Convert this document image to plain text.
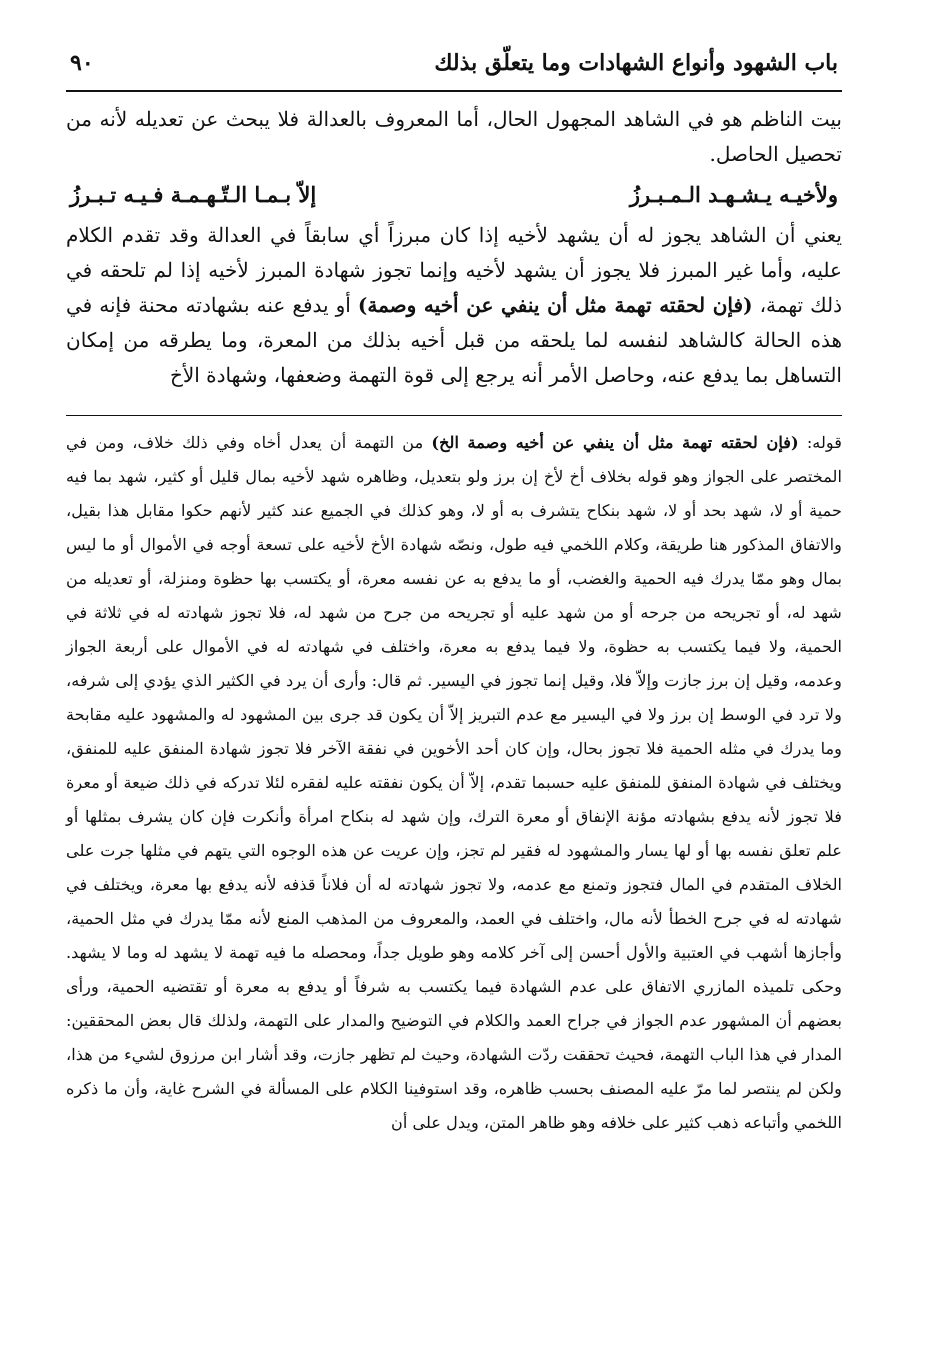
باب الشهود وأنواع الشهادات وما يتعلّق بذلك
٩٠

بيت الناظم هو في الشاهد المجهول الحال، أما المعروف بالعدالة فلا يبحث عن تعديله لأنه من تحصيل الحاصل.

ولأخيـه يـشـهـد الـمـبـرزُ
إلاّ بـمـا الـتّـهـمـة فـيـه تـبـرزُ

يعني أن الشاهد يجوز له أن يشهد لأخيه إذا كان مبرزاً أي سابقاً في العدالة وقد تقدم الكلام عليه، وأما غير المبرز فلا يجوز أن يشهد لأخيه وإنما تجوز شهادة المبرز لأخيه إذا لم تلحقه في ذلك تهمة، (فإن لحقته تهمة مثل أن ينفي عن أخيه وصمة) أو يدفع عنه بشهادته محنة فإنه في هذه الحالة كالشاهد لنفسه لما يلحقه من قبل أخيه بذلك من المعرة، وما يطرقه من إمكان التساهل بما يدفع عنه، وحاصل الأمر أنه يرجع إلى قوة التهمة وضعفها، وشهادة الأخ

قوله: (فإن لحقته تهمة مثل أن ينفي عن أخيه وصمة الخ) من التهمة أن يعدل أخاه وفي ذلك خلاف، ومن في المختصر على الجواز وهو قوله بخلاف أخ لأخ إن برز ولو بتعديل، وظاهره شهد لأخيه بمال قليل أو كثير، شهد بما فيه حمية أو لا، شهد بحد أو لا، شهد بنكاح يتشرف به أو لا، وهو كذلك في الجميع عند كثير لأنهم حكوا مقابل هذا بقيل، والاتفاق المذكور هنا طريقة، وكلام اللخمي فيه طول، ونصّه شهادة الأخ لأخيه على تسعة أوجه في الأموال أو ما ليس بمال وهو ممّا يدرك فيه الحمية والغضب، أو ما يدفع به عن نفسه معرة، أو يكتسب بها حظوة ومنزلة، أو تعديله من شهد له، أو تجريحه من جرحه أو من شهد عليه أو تجريحه من جرح من شهد له، فلا تجوز شهادته له في ثلاثة في الحمية، ولا فيما يكتسب به حظوة، ولا فيما يدفع به معرة، واختلف في شهادته له في الأموال على أربعة الجواز وعدمه، وقيل إن برز جازت وإلاّ فلا، وقيل إنما تجوز في اليسير. ثم قال: وأرى أن يرد في الكثير الذي يؤدي إلى شرفه، ولا ترد في الوسط إن برز ولا في اليسير مع عدم التبريز إلاّ أن يكون قد جرى بين المشهود له والمشهود عليه مقابحة وما يدرك في مثله الحمية فلا تجوز بحال، وإن كان أحد الأخوين في نفقة الآخر فلا تجوز شهادة المنفق عليه للمنفق، ويختلف في شهادة المنفق للمنفق عليه حسبما تقدم، إلاّ أن يكون نفقته عليه لفقره لئلا تدركه في ذلك ضيعة أو معرة فلا تجوز لأنه يدفع بشهادته مؤنة الإنفاق أو معرة الترك، وإن شهد له بنكاح امرأة وأنكرت فإن كان يشرف بمثلها أو علم تعلق نفسه بها أو لها يسار والمشهود له فقير لم تجز، وإن عريت عن هذه الوجوه التي يتهم في مثلها جرت على الخلاف المتقدم في المال فتجوز وتمنع مع عدمه، ولا تجوز شهادته له أن فلاناً قذفه لأنه يدفع بها معرة، ويختلف في شهادته له في جرح الخطأ لأنه مال، واختلف في العمد، والمعروف من المذهب المنع لأنه ممّا يدرك في مثل الحمية، وأجازها أشهب في العتبية والأول أحسن إلى آخر كلامه وهو طويل جداً، ومحصله ما فيه تهمة لا يشهد له وما لا يشهد. وحكى تلميذه المازري الاتفاق على عدم الشهادة فيما يكتسب به شرفاً أو يدفع به معرة أو تقتضيه الحمية، ورأى بعضهم أن المشهور عدم الجواز في جراح العمد والكلام في التوضيح والمدار على التهمة، ولذلك قال بعض المحققين: المدار في هذا الباب التهمة، فحيث تحققت ردّت الشهادة، وحيث لم تظهر جازت، وقد أشار ابن مرزوق لشيء من هذا، ولكن لم ينتصر لما مرّ عليه المصنف بحسب ظاهره، وقد استوفينا الكلام على المسألة في الشرح غاية، وأن ما ذكره اللخمي وأتباعه ذهب كثير على خلافه وهو ظاهر المتن، ويدل على أن
